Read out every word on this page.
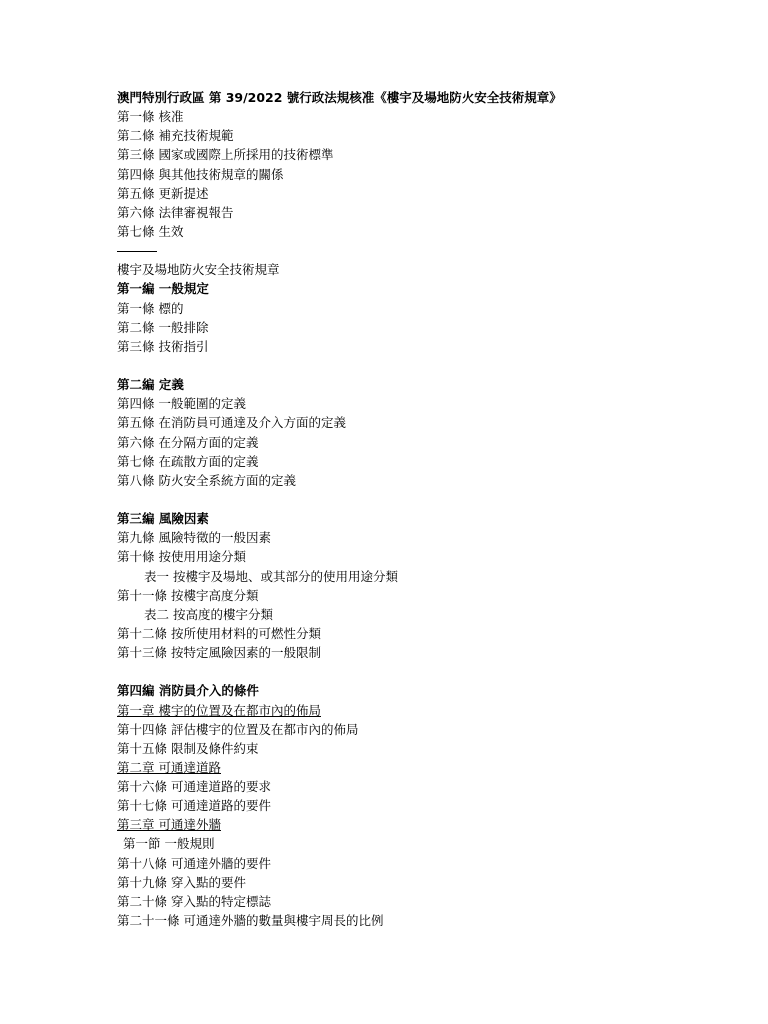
澳門特別行政區 第 39/2022 號行政法規核准《樓宇及場地防火安全技術規章》
第一條 核准
第二條 補充技術規範
第三條 國家或國際上所採用的技術標準
第四條 與其他技術規章的關係
第五條 更新提述
第六條 法律審視報告
第七條 生效
樓宇及場地防火安全技術規章
第一編 一般規定
第一條 標的
第二條 一般排除
第三條 技術指引
第二編 定義
第四條 一般範圍的定義
第五條 在消防員可通達及介入方面的定義
第六條 在分隔方面的定義
第七條 在疏散方面的定義
第八條 防火安全系統方面的定義
第三編 風險因素
第九條 風險特徵的一般因素
第十條 按使用用途分類
表一 按樓宇及場地、或其部分的使用用途分類
第十一條 按樓宇高度分類
表二 按高度的樓宇分類
第十二條 按所使用材料的可燃性分類
第十三條 按特定風險因素的一般限制
第四編 消防員介入的條件
第一章 樓宇的位置及在都市內的佈局
第十四條 評估樓宇的位置及在都市內的佈局
第十五條 限制及條件約束
第二章 可通達道路
第十六條 可通達道路的要求
第十七條 可通達道路的要件
第三章 可通達外牆
第一節 一般規則
第十八條 可通達外牆的要件
第十九條 穿入點的要件
第二十條 穿入點的特定標誌
第二十一條 可通達外牆的數量與樓宇周長的比例
